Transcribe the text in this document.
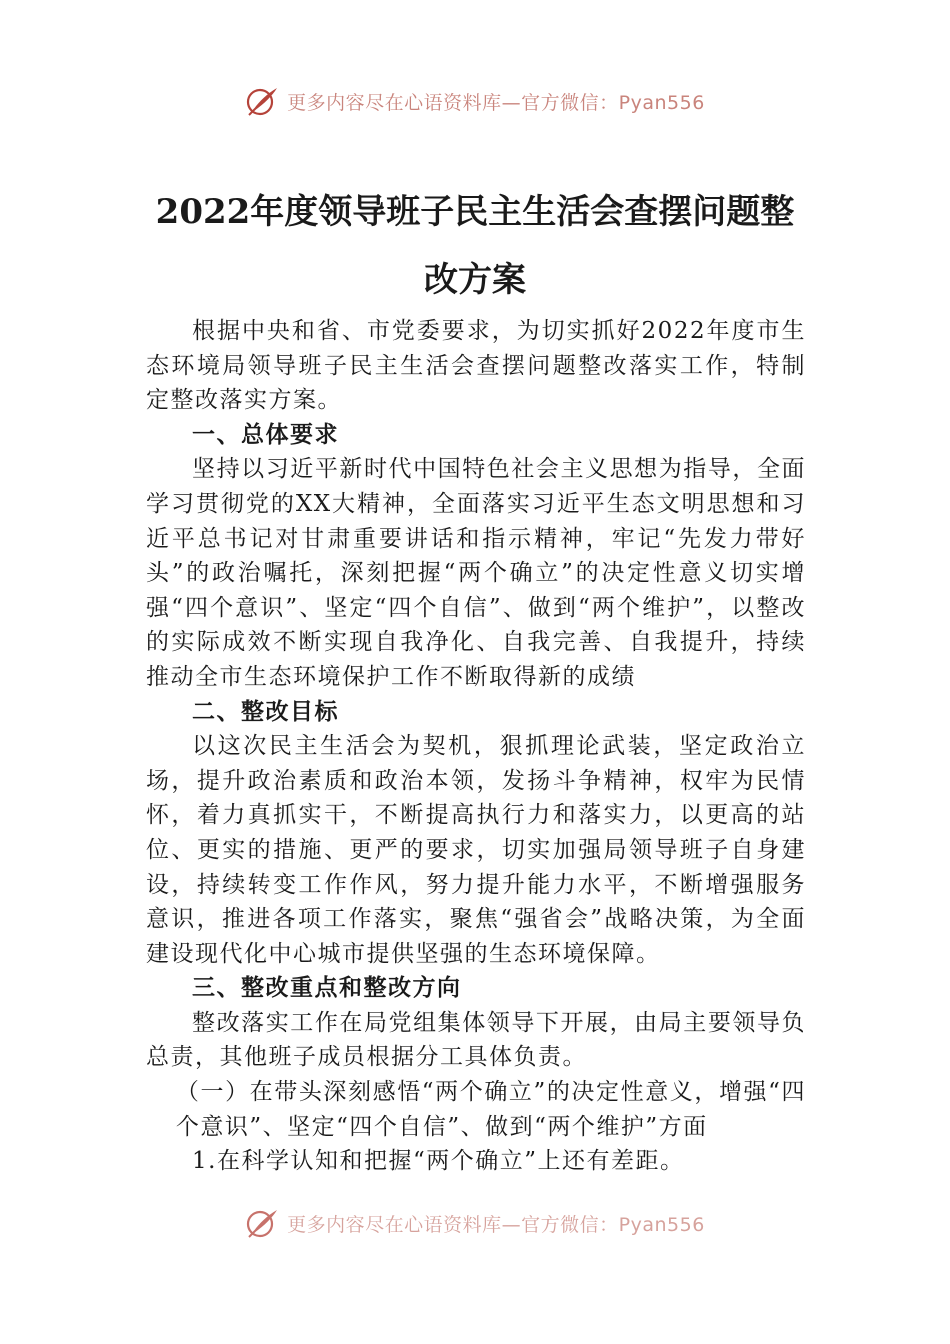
更多内容尽在心语资料库—官方微信：Pyan556
2022年度领导班子民主生活会查摆问题整
改方案

根据中央和省、市党委要求，为切实抓好2022年度市生态环境局领导班子民主生活会查摆问题整改落实工作，特制定整改落实方案。

一、总体要求

坚持以习近平新时代中国特色社会主义思想为指导，全面学习贯彻党的XX大精神，全面落实习近平生态文明思想和习近平总书记对甘肃重要讲话和指示精神，牢记“先发力带好头”的政治嘱托，深刻把握“两个确立”的决定性意义切实增强“四个意识”、坚定“四个自信”、做到“两个维护”，以整改的实际成效不断实现自我净化、自我完善、自我提升，持续推动全市生态环境保护工作不断取得新的成绩

二、整改目标

以这次民主生活会为契机，狠抓理论武装，坚定政治立场，提升政治素质和政治本领，发扬斗争精神，权牢为民情怀，着力真抓实干，不断提高执行力和落实力，以更高的站位、更实的措施、更严的要求，切实加强局领导班子自身建设，持续转变工作作风，努力提升能力水平，不断增强服务意识，推进各项工作落实，聚焦“强省会”战略决策，为全面建设现代化中心城市提供坚强的生态环境保障。

三、整改重点和整改方向

整改落实工作在局党组集体领导下开展，由局主要领导负总责，其他班子成员根据分工具体负责。

（一）在带头深刻感悟“两个确立”的决定性意义，增强“四个意识”、坚定“四个自信”、做到“两个维护”方面

1.在科学认知和把握“两个确立”上还有差距。

更多内容尽在心语资料库—官方微信：Pyan556
